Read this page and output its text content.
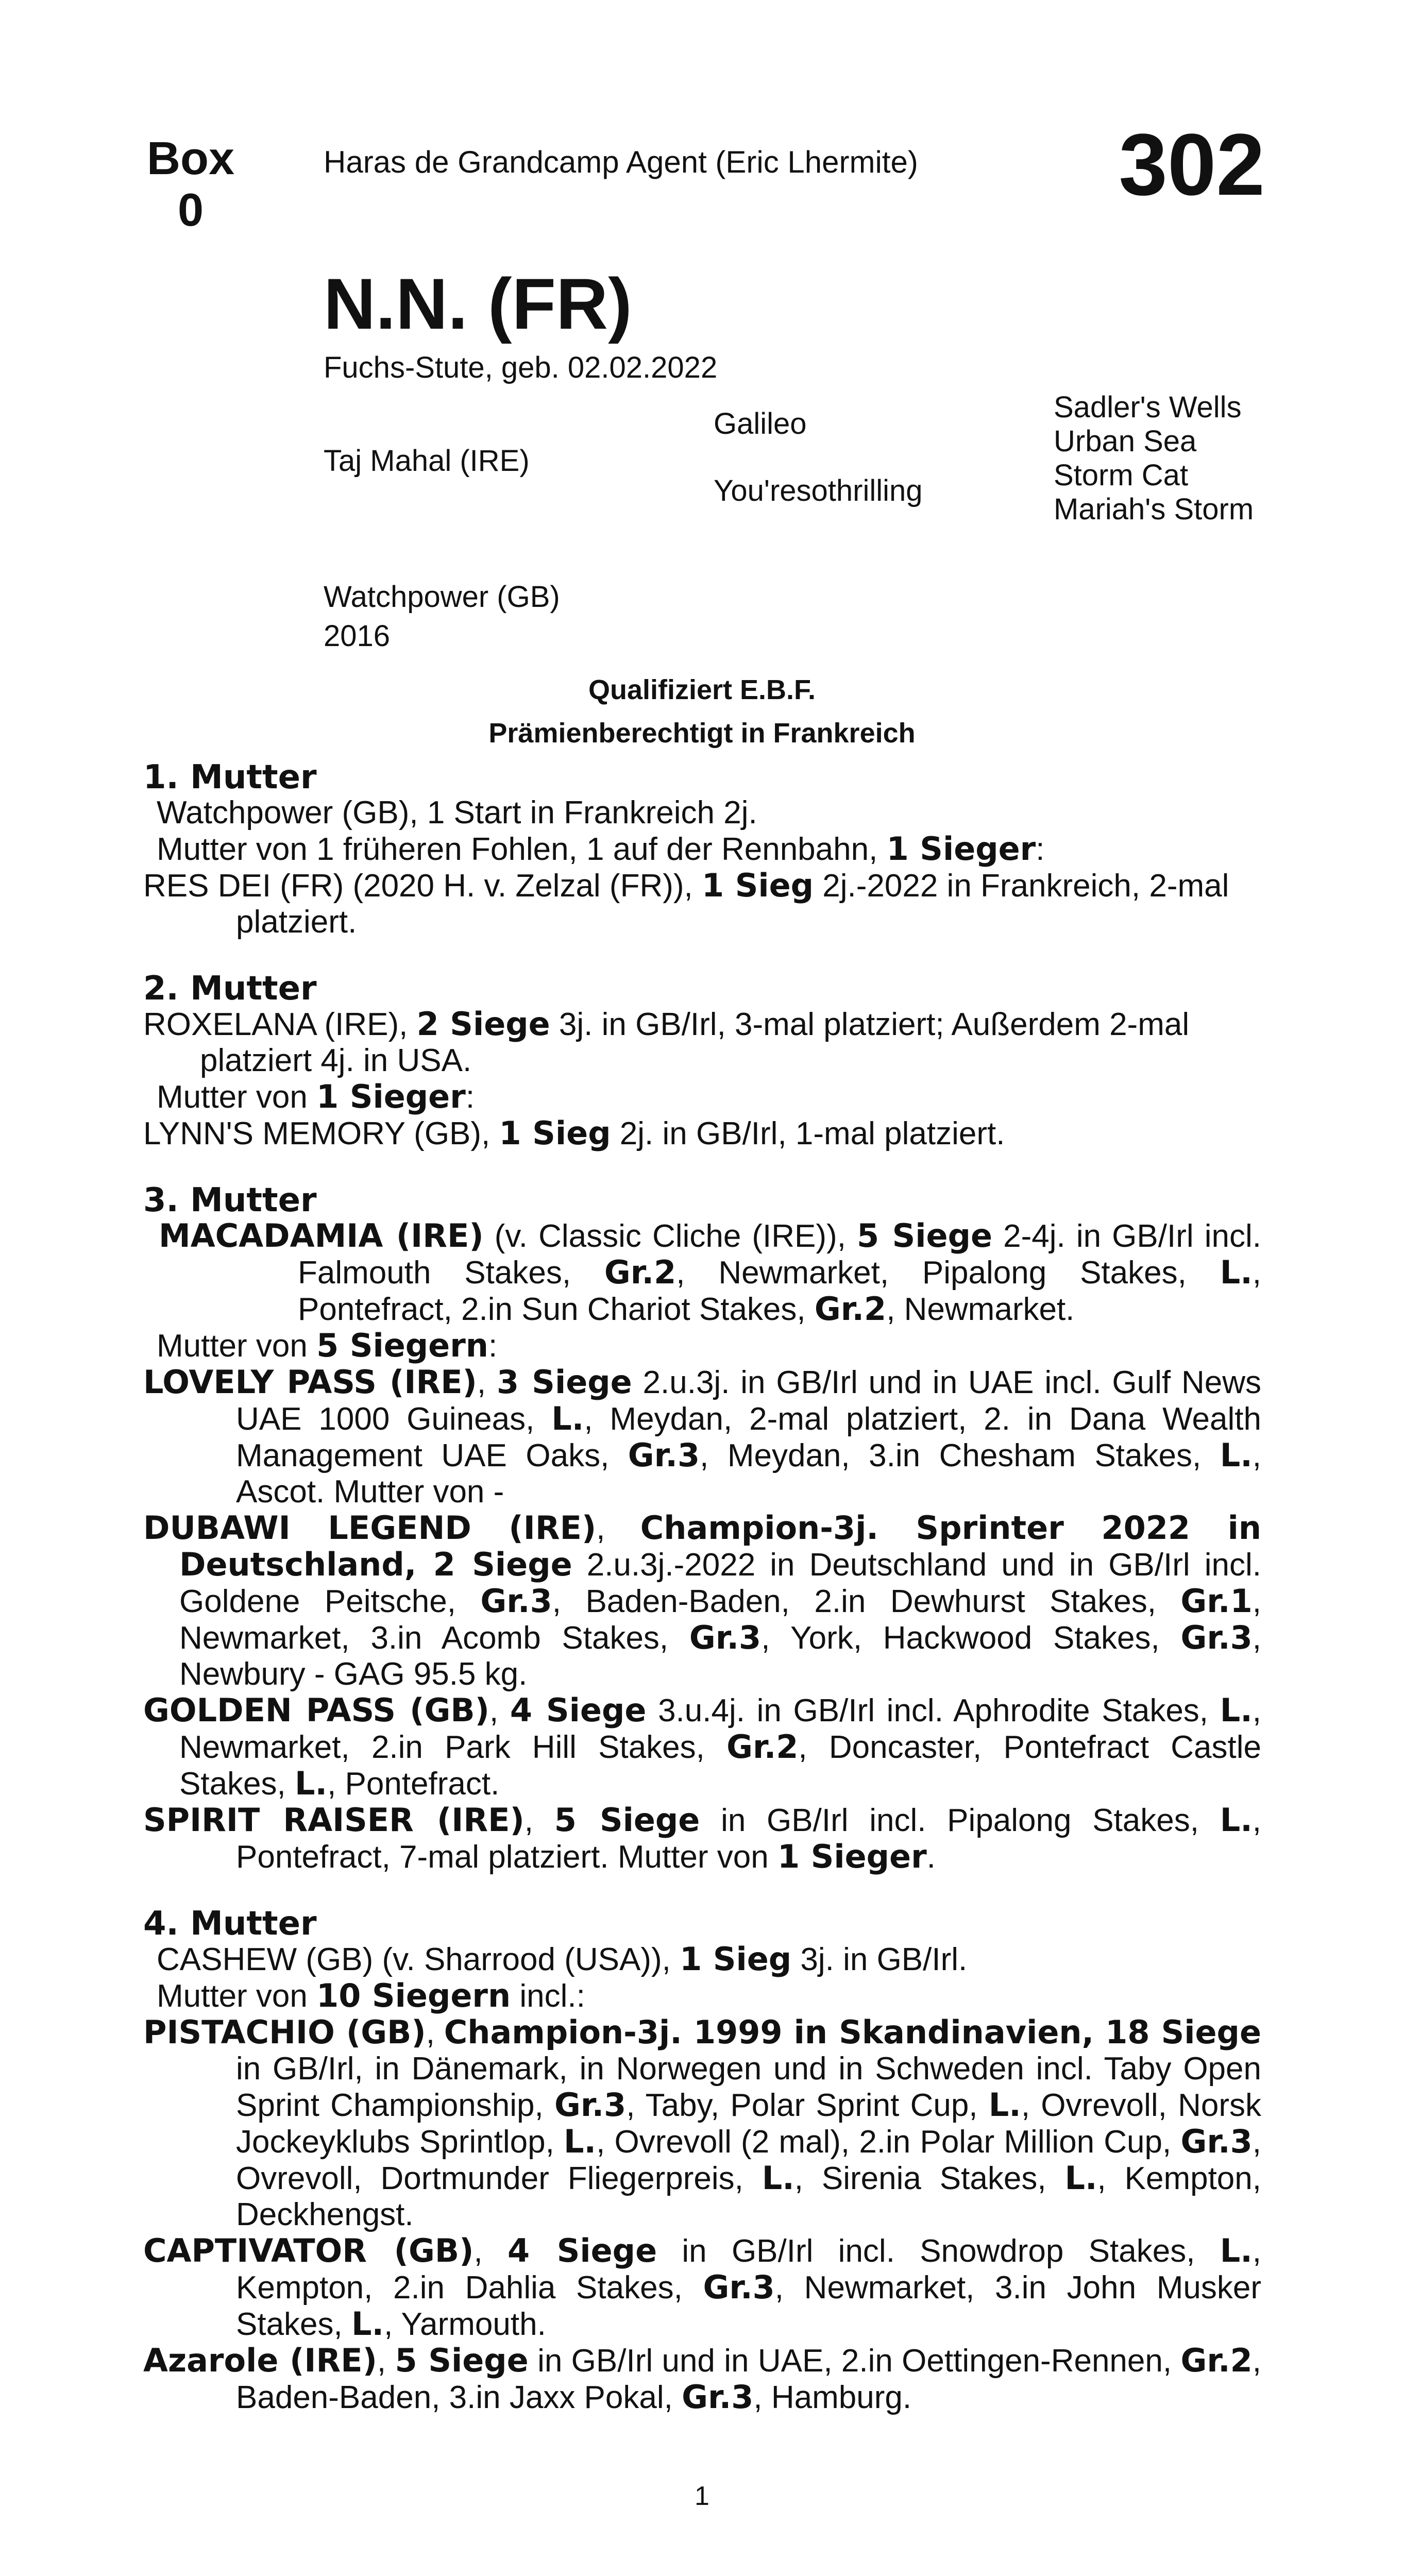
Box
0
Haras de Grandcamp Agent (Eric Lhermite) 302
N.N. (FR)
Fuchs-Stute, geb. 02.02.2022
Taj Mahal (IRE)
Galileo
You'resothrilling
Sadler's Wells
Urban Sea
Storm Cat
Mariah's Storm
Watchpower (GB)
2016
Qualifiziert E.B.F.
Prämienberechtigt in Frankreich

1. Mutter

Watchpower (GB), 1 Start in Frankreich 2j.

Mutter von 1 früheren Fohlen, 1 auf der Rennbahn, 1 Sieger:

RES DEI (FR) (2020 H. v. Zelzal (FR)), 1 Sieg 2j.-2022 in Frankreich, 2-mal platziert.

2. Mutter

ROXELANA (IRE), 2 Siege 3j. in GB/Irl, 3-mal platziert; Außerdem 2-mal platziert 4j. in USA.

Mutter von 1 Sieger:

LYNN'S MEMORY (GB), 1 Sieg 2j. in GB/Irl, 1-mal platziert.

3. Mutter

MACADAMIA (IRE) (v. Classic Cliche (IRE)), 5 Siege 2-4j. in GB/Irl incl. Falmouth Stakes, Gr.2, Newmarket, Pipalong Stakes, L., Pontefract, 2.in Sun Chariot Stakes, Gr.2, Newmarket.

Mutter von 5 Siegern:

LOVELY PASS (IRE), 3 Siege 2.u.3j. in GB/Irl und in UAE incl. Gulf News UAE 1000 Guineas, L., Meydan, 2-mal platziert, 2. in Dana Wealth Management UAE Oaks, Gr.3, Meydan, 3.in Chesham Stakes, L., Ascot. Mutter von -

DUBAWI LEGEND (IRE), Champion-3j. Sprinter 2022 in Deutschland, 2 Siege 2.u.3j.-2022 in Deutschland und in GB/Irl incl. Goldene Peitsche, Gr.3, Baden-Baden, 2.in Dewhurst Stakes, Gr.1, Newmarket, 3.in Acomb Stakes, Gr.3, York, Hackwood Stakes, Gr.3, Newbury - GAG 95.5 kg.

GOLDEN PASS (GB), 4 Siege 3.u.4j. in GB/Irl incl. Aphrodite Stakes, L., Newmarket, 2.in Park Hill Stakes, Gr.2, Doncaster, Pontefract Castle Stakes, L., Pontefract.

SPIRIT RAISER (IRE), 5 Siege in GB/Irl incl. Pipalong Stakes, L., Pontefract, 7-mal platziert. Mutter von 1 Sieger.

4. Mutter

CASHEW (GB) (v. Sharrood (USA)), 1 Sieg 3j. in GB/Irl.

Mutter von 10 Siegern incl.:

PISTACHIO (GB), Champion-3j. 1999 in Skandinavien, 18 Siege in GB/Irl, in Dänemark, in Norwegen und in Schweden incl. Taby Open Sprint Championship, Gr.3, Taby, Polar Sprint Cup, L., Ovrevoll, Norsk Jockeyklubs Sprintlop, L., Ovrevoll (2 mal), 2.in Polar Million Cup, Gr.3, Ovrevoll, Dortmunder Fliegerpreis, L., Sirenia Stakes, L., Kempton, Deckhengst.

CAPTIVATOR (GB), 4 Siege in GB/Irl incl. Snowdrop Stakes, L., Kempton, 2.in Dahlia Stakes, Gr.3, Newmarket, 3.in John Musker Stakes, L., Yarmouth.

Azarole (IRE), 5 Siege in GB/Irl und in UAE, 2.in Oettingen-Rennen, Gr.2, Baden-Baden, 3.in Jaxx Pokal, Gr.3, Hamburg.

1
